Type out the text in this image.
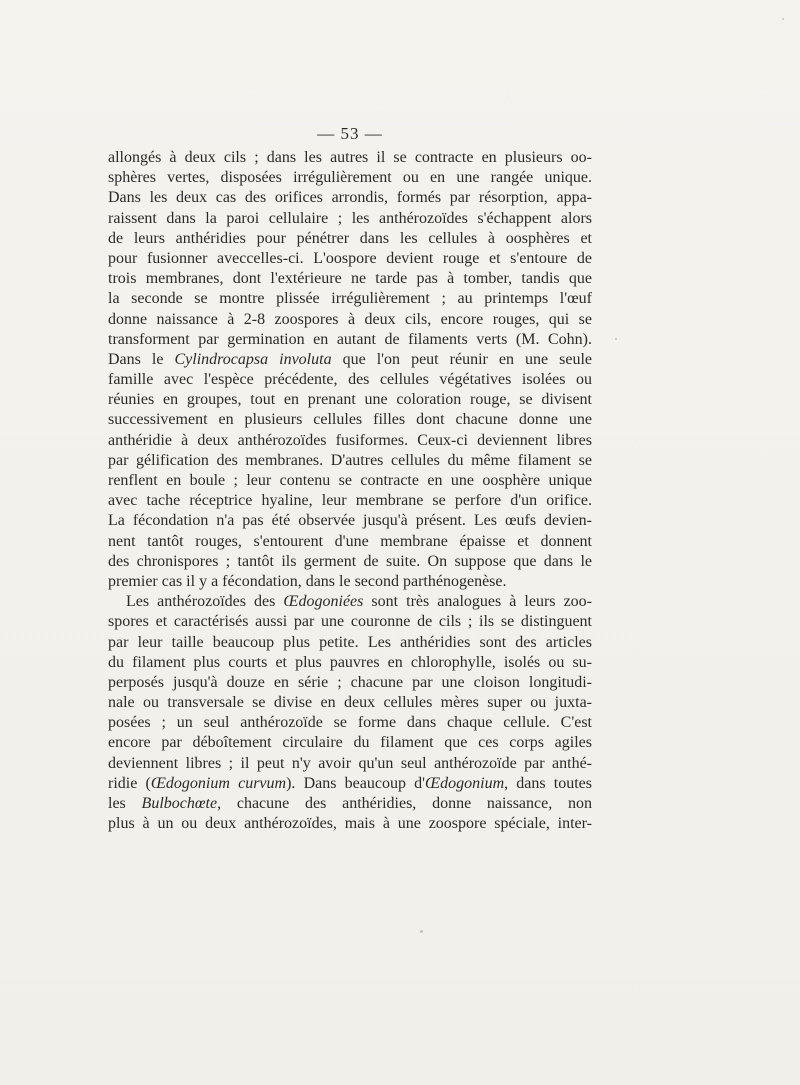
— 53 —
allongés à deux cils ; dans les autres il se contracte en plusieurs oo-
sphères vertes, disposées irrégulièrement ou en une rangée unique.
Dans les deux cas des orifices arrondis, formés par résorption, appa-
raissent dans la paroi cellulaire ; les anthérozoïdes s'échappent alors
de leurs anthéridies pour pénétrer dans les cellules à oosphères et
pour fusionner aveccelles-ci. L'oospore devient rouge et s'entoure de
trois membranes, dont l'extérieure ne tarde pas à tomber, tandis que
la seconde se montre plissée irrégulièrement ; au printemps l'œuf
donne naissance à 2-8 zoospores à deux cils, encore rouges, qui se
transforment par germination en autant de filaments verts (M. Cohn).
Dans le Cylindrocapsa involuta que l'on peut réunir en une seule
famille avec l'espèce précédente, des cellules végétatives isolées ou
réunies en groupes, tout en prenant une coloration rouge, se divisent
successivement en plusieurs cellules filles dont chacune donne une
anthéridie à deux anthérozoïdes fusiformes. Ceux-ci deviennent libres
par gélification des membranes. D'autres cellules du même filament se
renflent en boule ; leur contenu se contracte en une oosphère unique
avec tache réceptrice hyaline, leur membrane se perfore d'un orifice.
La fécondation n'a pas été observée jusqu'à présent. Les œufs devien-
nent tantôt rouges, s'entourent d'une membrane épaisse et donnent
des chronispores ; tantôt ils germent de suite. On suppose que dans le
premier cas il y a fécondation, dans le second parthénogenèse.
Les anthérozoïdes des Œdogoniées sont très analogues à leurs zoo-
spores et caractérisés aussi par une couronne de cils ; ils se distinguent
par leur taille beaucoup plus petite. Les anthéridies sont des articles
du filament plus courts et plus pauvres en chlorophylle, isolés ou su-
perposés jusqu'à douze en série ; chacune par une cloison longitudi-
nale ou transversale se divise en deux cellules mères super ou juxta-
posées ; un seul anthérozoïde se forme dans chaque cellule. C'est
encore par déboîtement circulaire du filament que ces corps agiles
deviennent libres ; il peut n'y avoir qu'un seul anthérozoïde par anthé-
ridie (Œdogonium curvum). Dans beaucoup d'Œdogonium, dans toutes
les Bulbochœte, chacune des anthéridies, donne naissance, non
plus à un ou deux anthérozoïdes, mais à une zoospore spéciale, inter-
